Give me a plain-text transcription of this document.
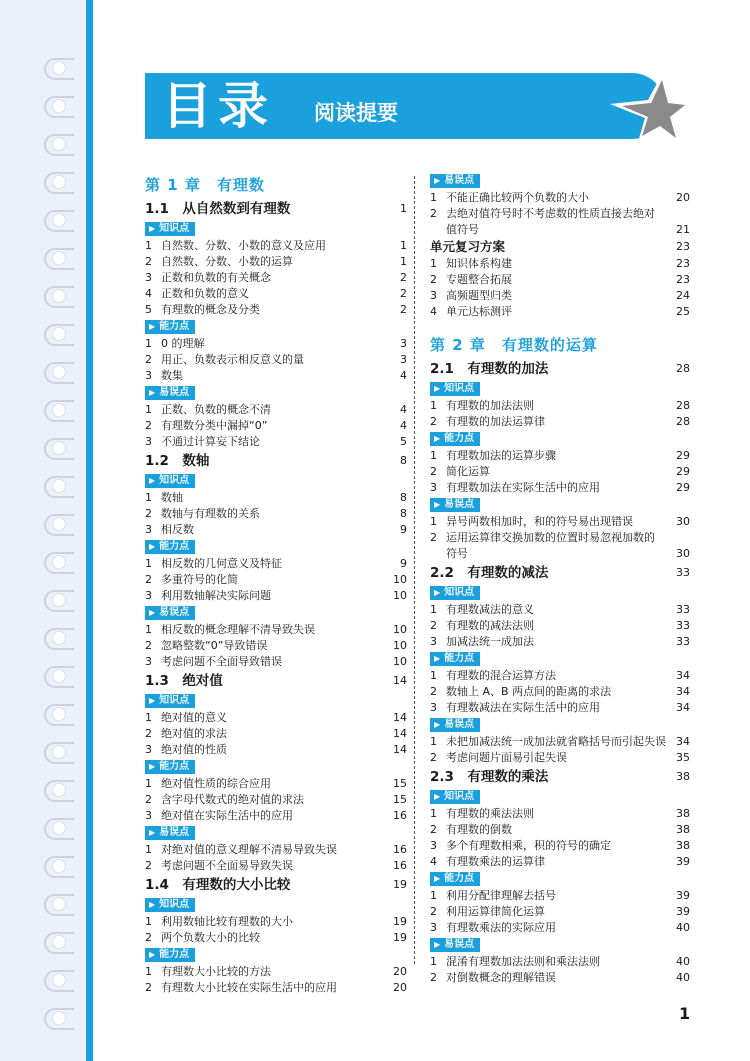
目录 阅读提要
第 1 章　有理数
1.1　从自然数到有理数	1
▶ 知识点
1 自然数、分数、小数的意义及应用	1
2 自然数、分数、小数的运算	1
3 正数和负数的有关概念	2
4 正数和负数的意义	2
5 有理数的概念及分类	2
▶ 能力点
1 0 的理解	3
2 用正、负数表示相反意义的量	3
3 数集	4
▶ 易误点
1 正数、负数的概念不清	4
2 有理数分类中漏掉“0”	4
3 不通过计算妄下结论	5
1.2　数轴	8
▶ 知识点
1 数轴	8
2 数轴与有理数的关系	8
3 相反数	9
▶ 能力点
1 相反数的几何意义及特征	9
2 多重符号的化简	10
3 利用数轴解决实际问题	10
▶ 易误点
1 相反数的概念理解不清导致失误	10
2 忽略整数“0”导致错误	10
3 考虑问题不全面导致错误	10
1.3　绝对值	14
▶ 知识点
1 绝对值的意义	14
2 绝对值的求法	14
3 绝对值的性质	14
▶ 能力点
1 绝对值性质的综合应用	15
2 含字母代数式的绝对值的求法	15
3 绝对值在实际生活中的应用	16
▶ 易误点
1 对绝对值的意义理解不清易导致失误	16
2 考虑问题不全面易导致失误	16
1.4　有理数的大小比较	19
▶ 知识点
1 利用数轴比较有理数的大小	19
2 两个负数大小的比较	19
▶ 能力点
1 有理数大小比较的方法	20
2 有理数大小比较在实际生活中的应用	20
▶ 易误点
1 不能正确比较两个负数的大小	20
2 去绝对值符号时不考虑数的性质直接去绝对
值符号	21
单元复习方案	23
1 知识体系构建	23
2 专题整合拓展	23
3 高频题型归类	24
4 单元达标测评	25
第 2 章　有理数的运算
2.1　有理数的加法	28
▶ 知识点
1 有理数的加法法则	28
2 有理数的加法运算律	28
▶ 能力点
1 有理数加法的运算步骤	29
2 简化运算	29
3 有理数加法在实际生活中的应用	29
▶ 易误点
1 异号两数相加时，和的符号易出现错误	30
2 运用运算律交换加数的位置时易忽视加数的
符号	30
2.2　有理数的减法	33
▶ 知识点
1 有理数减法的意义	33
2 有理数的减法法则	33
3 加减法统一成加法	33
▶ 能力点
1 有理数的混合运算方法	34
2 数轴上 A、B 两点间的距离的求法	34
3 有理数减法在实际生活中的应用	34
▶ 易误点
1 未把加减法统一成加法就省略括号而引起失误 34
2 考虑问题片面易引起失误	35
2.3　有理数的乘法	38
▶ 知识点
1 有理数的乘法法则	38
2 有理数的倒数	38
3 多个有理数相乘，积的符号的确定	38
4 有理数乘法的运算律	39
▶ 能力点
1 利用分配律理解去括号	39
2 利用运算律简化运算	39
3 有理数乘法的实际应用	40
▶ 易误点
1 混淆有理数加法法则和乘法法则	40
2 对倒数概念的理解错误	40
1
